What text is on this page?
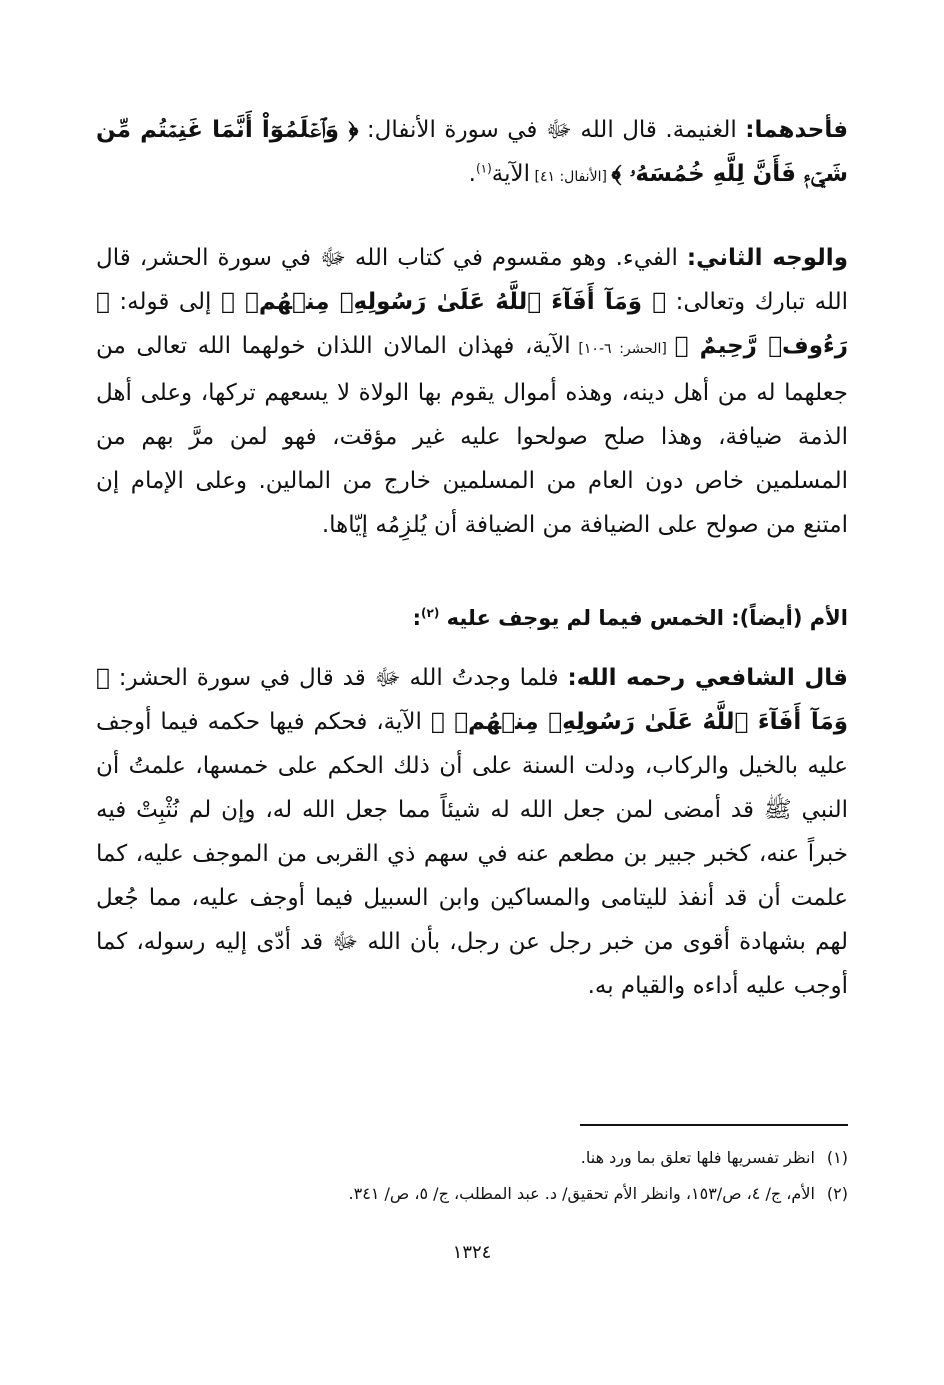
فأحدهما: الغنيمة. قال الله ﷻ في سورة الأنفال: ﴿ وَٱعۡلَمُوٓاْ أَنَّمَا غَنِمۡتُم مِّن شَيۡءٖ فَأَنَّ لِلَّهِ خُمُسَهُۥ ﴾ [الأنفال: ٤١] الآية$^{(١)}$.

والوجه الثاني: الفيء. وهو مقسوم في كتاب الله ﷻ في سورة الحشر، قال الله تبارك وتعالى: ﴿ وَمَآ أَفَآءَ ٱللَّهُ عَلَىٰ رَسُولِهِۦ مِنۡهُمۡ ﴾ إلى قوله: ﴿ رَءُوفٞ رَّحِيمٌ ﴾ [الحشر: ٦-١٠] الآية، فهذان المالان اللذان خولهما الله تعالى من جعلهما له من أهل دينه، وهذه أموال يقوم بها الولاة لا يسعهم تركها، وعلى أهل الذمة ضيافة، وهذا صلح صولحوا عليه غير مؤقت، فهو لمن مرَّ بهم من المسلمين خاص دون العام من المسلمين خارج من المالين. وعلى الإمام إن امتنع من صولح على الضيافة من الضيافة أن يُلزِمُه إيّاها.

الأم (أيضاً): الخمس فيما لم يوجف عليه $^{(٢)}$:

قال الشافعي رحمه الله: فلما وجدتُ الله ﷻ قد قال في سورة الحشر: ﴿ وَمَآ أَفَآءَ ٱللَّهُ عَلَىٰ رَسُولِهِۦ مِنۡهُمۡ ﴾ الآية، فحكم فيها حكمه فيما أوجف عليه بالخيل والركاب، ودلت السنة على أن ذلك الحكم على خمسها، علمتُ أن النبي ﷺ قد أمضى لمن جعل الله له شيئاً مما جعل الله له، وإن لم نُثْبِتْ فيه خبراً عنه، كخبر جبير بن مطعم عنه في سهم ذي القربى من الموجف عليه، كما علمت أن قد أنفذ لليتامى والمساكين وابن السبيل فيما أوجف عليه، مما جُعل لهم بشهادة أقوى من خبر رجل عن رجل، بأن الله ﷻ قد أدّى إليه رسوله، كما أوجب عليه أداءه والقيام به.

(١)انظر تفسريها فلها تعلق بما ورد هنا.
(٢)الأم، ج/ ٤، ص/١٥٣، وانظر الأم تحقيق/ د. عبد المطلب، ج/ ٥، ص/ ٣٤١.
١٣٢٤
